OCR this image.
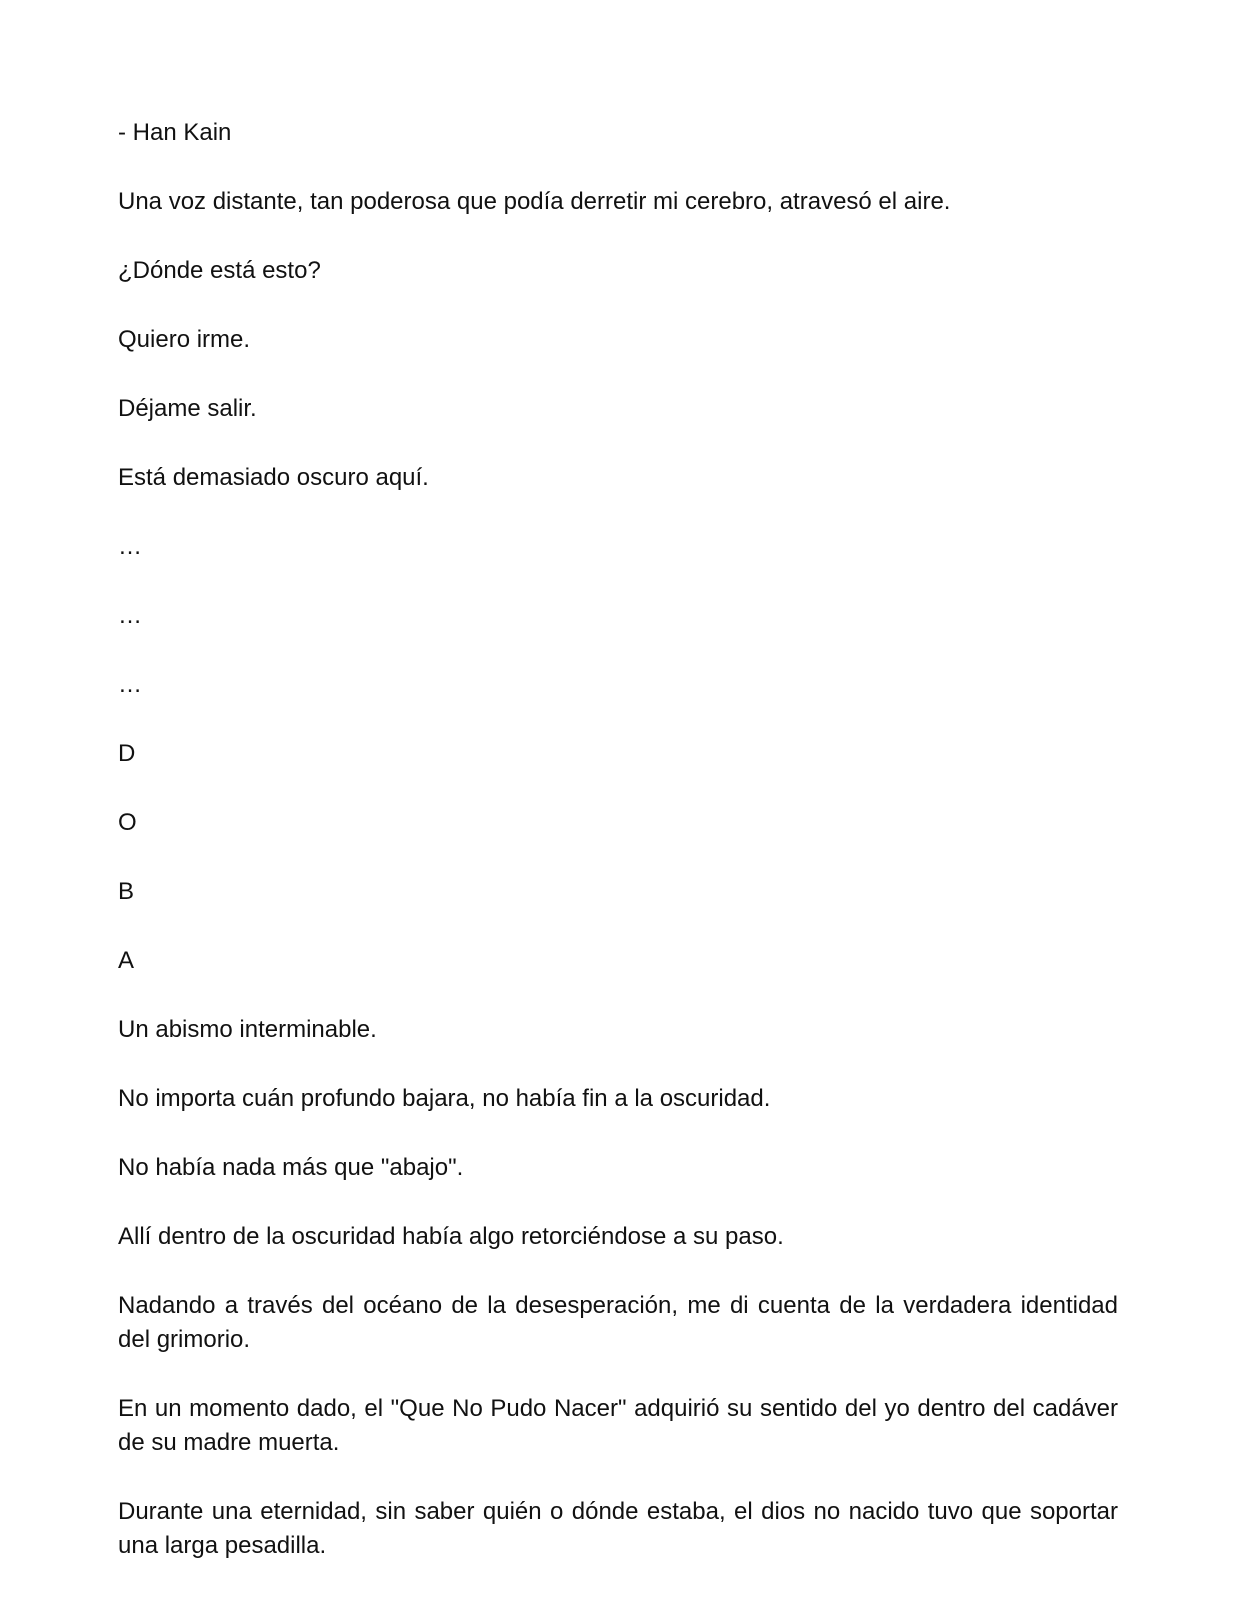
- Han Kain

Una voz distante, tan poderosa que podía derretir mi cerebro, atravesó el aire.

¿Dónde está esto?

Quiero irme.

Déjame salir.

Está demasiado oscuro aquí.

…

…

…

D

O

B

A

Un abismo interminable.

No importa cuán profundo bajara, no había fin a la oscuridad.

No había nada más que "abajo".

Allí dentro de la oscuridad había algo retorciéndose a su paso.

Nadando a través del océano de la desesperación, me di cuenta de la verdadera identidad del grimorio.

En un momento dado, el "Que No Pudo Nacer" adquirió su sentido del yo dentro del cadáver de su madre muerta.

Durante una eternidad, sin saber quién o dónde estaba, el dios no nacido tuvo que soportar una larga pesadilla.
